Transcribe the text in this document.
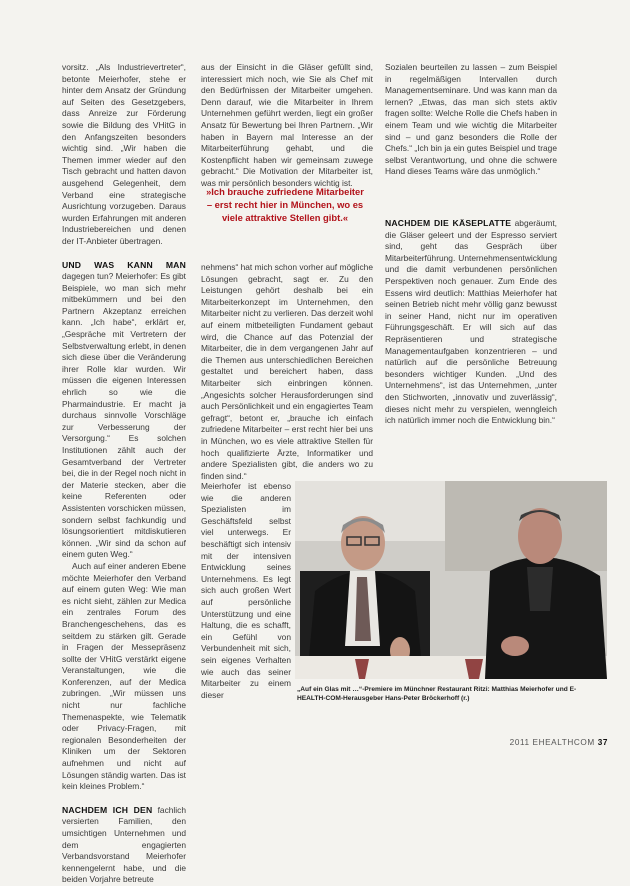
vorsitz. „Als Industrievertreter“, betonte Meierhofer, stehe er hinter dem Ansatz der Gründung auf Seiten des Gesetzgebers, dass Anreize zur Förderung sowie die Bildung des VHitG in den Anfangszeiten besonders wichtig sind. „Wir haben die Themen immer wieder auf den Tisch gebracht und hatten davon ausgehend Gelegenheit, dem Verband eine strategische Ausrichtung vorzugeben. Daraus wurden Erfahrungen mit anderen Industriebereichen und denen der IT-Anbieter übertragen.

UND WAS KANN MAN dagegen tun? Meierhofer: Es gibt Beispiele, wo man sich mehr mitbekümmern und bei den Partnern Akzeptanz erreichen kann. „Ich habe“, erklärt er, „Gespräche mit Vertretern der Selbstverwaltung erlebt, in denen sich diese über die Veränderung ihrer Rolle klar wurden. Wir müssen die eigenen Interessen ehrlich so wie die Pharmaindustrie. Er macht ja durchaus sinnvolle Vorschläge zur Verbesserung der Versorgung.“ Es solchen Institutionen zählt auch der Gesamtverband der Vertreter bei, die in der Regel noch nicht in der Materie stecken, aber die keine Referenten oder Assistenten vorschicken müssen, sondern selbst fachkundig und lösungsorientiert mitdiskutieren können. „Wir sind da schon auf einem guten Weg.“

Auch auf einer anderen Ebene möchte Meierhofer den Verband auf einem guten Weg: Wie man es nicht sieht, zählen zur Medica ein zentrales Forum des Branchengeschehens, das es seitdem zu stärken gilt. Gerade in Fragen der Messepräsenz sollte der VHitG verstärkt eigene Veranstaltungen, wie die Konferenzen, auf der Medica zubringen. „Wir müssen uns nicht nur fachliche Themenaspekte, wie Telematik oder Privacy-Fragen, mit regionalen Besonderheiten der Kliniken um der Sektoren aufnehmen und nicht auf Lösungen ständig warten. Das ist kein kleines Problem.“

NACHDEM ICH DEN fachlich versierten Familien, den umsichtigen Unternehmen und dem engagierten Verbandsvorstand Meierhofer kennengelernt habe, und die beiden Vorjahre betreute

aus der Einsicht in die Gläser gefüllt sind, interessiert mich noch, wie Sie als Chef mit den Bedürfnissen der Mitarbeiter umgehen. Denn darauf, wie die Mitarbeiter in Ihrem Unternehmen geführt werden, liegt ein großer Ansatz für Bewertung bei Ihren Partnern. „Wir haben in Bayern mal Interesse an der Mitarbeiterführung gehabt, und die Kostenpflicht haben wir gemeinsam zuwege gebracht.“ Die Motivation der Mitarbeiter ist, was mir persönlich besonders wichtig ist.

nehmens“ hat mich schon vorher auf mögliche Lösungen gebracht, sagt er. Zu den Leistungen gehört deshalb bei ein Mitarbeiterkonzept im Unternehmen, den Mitarbeiter nicht zu verlieren. Das derzeit wohl auf einem mitbeteiligten Fundament gebaut wird, die Chance auf das Potenzial der Mitarbeiter, die in dem vergangenen Jahr auf die Themen aus unterschiedlichen Bereichen gestaltet und bereichert haben, dass Mitarbeiter sich einbringen können. „Angesichts solcher Herausforderungen sind auch Persönlichkeit und ein engagiertes Team gefragt“, betont er, „brauche ich einfach zufriedene Mitarbeiter – erst recht hier bei uns in München, wo es viele attraktive Stellen für hoch qualifizierte Ärzte, Informatiker und andere Spezialisten gibt, die anders wo zu finden sind.“

»Ich brauche zufriedene Mitarbeiter – erst recht hier in München, wo es viele attraktive Stellen gibt.«
Meierhofer ist ebenso wie die anderen Spezialisten im Geschäftsfeld selbst viel unterwegs. Er beschäftigt sich intensiv mit der intensiven Entwicklung seines Unternehmens. Es legt sich auch großen Wert auf persönliche Unterstützung und eine Haltung, die es schafft, ein Gefühl von Verbundenheit mit sich, sein eigenes Verhalten wie auch das seiner Mitarbeiter zu einem dieser

Sozialen beurteilen zu lassen – zum Beispiel in regelmäßigen Intervallen durch Managementseminare. Und was kann man da lernen? „Etwas, das man sich stets aktiv fragen sollte: Welche Rolle die Chefs haben in einem Team und wie wichtig die Mitarbeiter sind – und ganz besonders die Rolle der Chefs.“ „Ich bin ja ein gutes Beispiel und trage selbst Verantwortung, und ohne die schwere Hand dieses Teams wäre das unmöglich.“

NACHDEM DIE KÄSEPLATTE abgeräumt, die Gläser geleert und der Espresso serviert sind, geht das Gespräch über Mitarbeiterführung. Unternehmensentwicklung und die damit verbundenen persönlichen Perspektiven noch genauer. Zum Ende des Essens wird deutlich: Matthias Meierhofer hat seinen Betrieb nicht mehr völlig ganz bewusst in seiner Hand, nicht nur im operativen Führungsgeschäft. Er will sich auf das Repräsentieren und strategische Managementaufgaben konzentrieren – und natürlich auf die persönliche Betreuung besonders wichtiger Kunden. „Und des Unternehmens“, ist das Unternehmen, „unter den Stichworten, „innovativ und zuverlässig“, dieses nicht mehr zu verspielen, wenngleich ich natürlich immer noch die Entwicklung bin.“

„Auf ein Glas mit …“-Premiere im Münchner Restaurant Ritzi: Matthias Meierhofer und E-HEALTH-COM-Herausgeber Hans-Peter Bröckerhoff (r.)
2011 EHEALTHCOM 37
